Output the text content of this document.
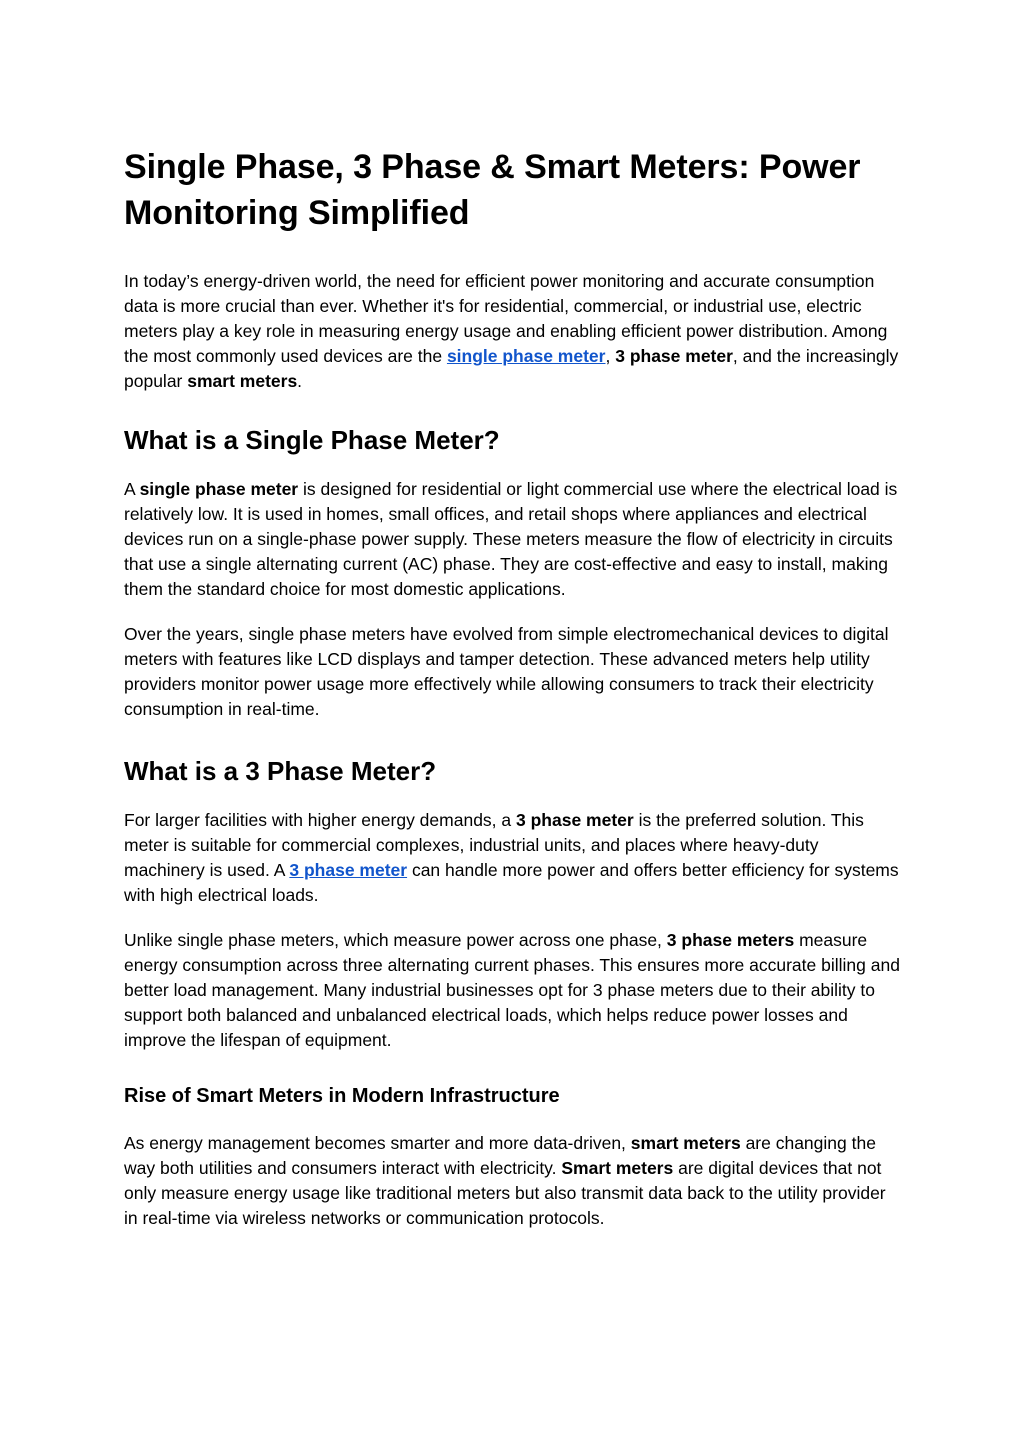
Single Phase, 3 Phase & Smart Meters: Power Monitoring Simplified

In today’s energy-driven world, the need for efficient power monitoring and accurate consumption data is more crucial than ever. Whether it's for residential, commercial, or industrial use, electric meters play a key role in measuring energy usage and enabling efficient power distribution. Among the most commonly used devices are the single phase meter, 3 phase meter, and the increasingly popular smart meters.

What is a Single Phase Meter?

A single phase meter is designed for residential or light commercial use where the electrical load is relatively low. It is used in homes, small offices, and retail shops where appliances and electrical devices run on a single-phase power supply. These meters measure the flow of electricity in circuits that use a single alternating current (AC) phase. They are cost-effective and easy to install, making them the standard choice for most domestic applications.

Over the years, single phase meters have evolved from simple electromechanical devices to digital meters with features like LCD displays and tamper detection. These advanced meters help utility providers monitor power usage more effectively while allowing consumers to track their electricity consumption in real-time.

What is a 3 Phase Meter?

For larger facilities with higher energy demands, a 3 phase meter is the preferred solution. This meter is suitable for commercial complexes, industrial units, and places where heavy-duty machinery is used. A 3 phase meter can handle more power and offers better efficiency for systems with high electrical loads.

Unlike single phase meters, which measure power across one phase, 3 phase meters measure energy consumption across three alternating current phases. This ensures more accurate billing and better load management. Many industrial businesses opt for 3 phase meters due to their ability to support both balanced and unbalanced electrical loads, which helps reduce power losses and improve the lifespan of equipment.

Rise of Smart Meters in Modern Infrastructure

As energy management becomes smarter and more data-driven, smart meters are changing the way both utilities and consumers interact with electricity. Smart meters are digital devices that not only measure energy usage like traditional meters but also transmit data back to the utility provider in real-time via wireless networks or communication protocols.
